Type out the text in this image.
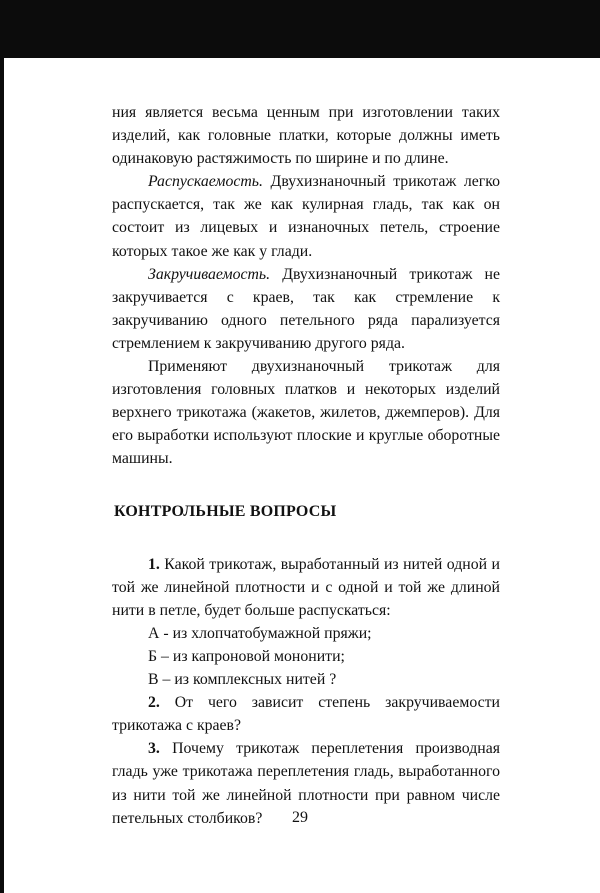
ния является весьма ценным при изготовлении таких изделий, как головные платки, которые должны иметь одинаковую растяжимость по ширине и по длине.

Распускаемость. Двухизнаночный трикотаж легко распускается, так же как кулирная гладь, так как он состоит из лицевых и изнаночных петель, строение которых такое же как у глади.

Закручиваемость. Двухизнаночный трикотаж не закручивается с краев, так как стремление к закручиванию одного петельного ряда парализуется стремлением к закручиванию другого ряда.

Применяют двухизнаночный трикотаж для изготовления головных платков и некоторых изделий верхнего трикотажа (жакетов, жилетов, джемперов). Для его выработки используют плоские и круглые оборотные машины.

КОНТРОЛЬНЫЕ ВОПРОСЫ

1. Какой трикотаж, выработанный из нитей одной и той же линейной плотности и с одной и той же длиной нити в петле, будет больше распускаться:

А - из хлопчатобумажной пряжи;

Б – из капроновой мононити;

В – из комплексных нитей ?

2. От чего зависит степень закручиваемости трикотажа с краев?

3. Почему трикотаж переплетения производная гладь уже трикотажа переплетения гладь, выработанного из нити той же линейной плотности при равном числе петельных столбиков?	29
